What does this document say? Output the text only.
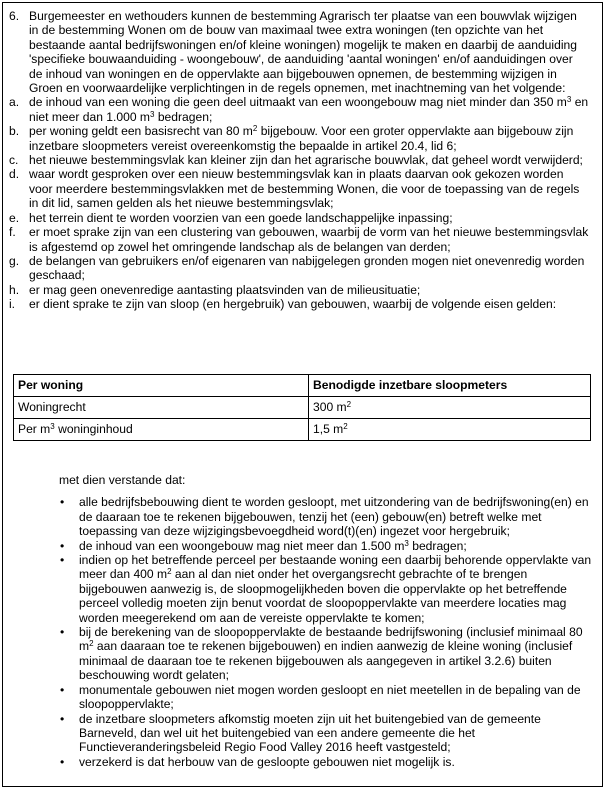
6. Burgemeester en wethouders kunnen de bestemming Agrarisch ter plaatse van een bouwvlak wijzigen in de bestemming Wonen om de bouw van maximaal twee extra woningen (ten opzichte van het bestaande aantal bedrijfswoningen en/of kleine woningen) mogelijk te maken en daarbij de aanduiding 'specifieke bouwaanduiding - woongebouw', de aanduiding 'aantal woningen' en/of aanduidingen over de inhoud van woningen en de oppervlakte aan bijgebouwen opnemen, de bestemming wijzigen in Groen en voorwaardelijke verplichtingen in de regels opnemen, met inachtneming van het volgende:
a. de inhoud van een woning die geen deel uitmaakt van een woongebouw mag niet minder dan 350 $m^3$ en niet meer dan 1.000 $m^3$ bedragen;
b. per woning geldt een basisrecht van 80 $m^2$ bijgebouw. Voor een groter oppervlakte aan bijgebouw zijn inzetbare sloopmeters vereist overeenkomstig the bepaalde in artikel 20.4, lid 6;
c. het nieuwe bestemmingsvlak kan kleiner zijn dan het agrarische bouwvlak, dat geheel wordt verwijderd;
d. waar wordt gesproken over een nieuw bestemmingsvlak kan in plaats daarvan ook gekozen worden voor meerdere bestemmingsvlakken met de bestemming Wonen, die voor de toepassing van de regels in dit lid, samen gelden als het nieuwe bestemmingsvlak;
e. het terrein dient te worden voorzien van een goede landschappelijke inpassing;
f. er moet sprake zijn van een clustering van gebouwen, waarbij de vorm van het nieuwe bestemmingsvlak is afgestemd op zowel het omringende landschap als de belangen van derden;
g. de belangen van gebruikers en/of eigenaren van nabijgelegen gronden mogen niet onevenredig worden geschaad;
h. er mag geen onevenredige aantasting plaatsvinden van de milieusituatie;
i. er dient sprake te zijn van sloop (en hergebruik) van gebouwen, waarbij de volgende eisen gelden:
Per woning	Benodigde inzetbare sloopmeters
Woningrecht	300 $m^2$
Per $m^3$ woninginhoud	1,5 $m^2$
met dien verstande dat:
• alle bedrijfsbebouwing dient te worden gesloopt, met uitzondering van de bedrijfswoning(en) en de daaraan toe te rekenen bijgebouwen, tenzij het (een) gebouw(en) betreft welke met toepassing van deze wijzigingsbevoegdheid word(t)(en) ingezet voor hergebruik;
• de inhoud van een woongebouw mag niet meer dan 1.500 $m^3$ bedragen;
• indien op het betreffende perceel per bestaande woning een daarbij behorende oppervlakte van meer dan 400 $m^2$ aan al dan niet onder het overgangsrecht gebrachte of te brengen bijgebouwen aanwezig is, de sloopmogelijkheden boven die oppervlakte op het betreffende perceel volledig moeten zijn benut voordat de sloopoppervlakte van meerdere locaties mag worden meegerekend om aan de vereiste oppervlakte te komen;
• bij de berekening van de sloopoppervlakte de bestaande bedrijfswoning (inclusief minimaal 80 $m^2$ aan daaraan toe te rekenen bijgebouwen) en indien aanwezig de kleine woning (inclusief minimaal de daaraan toe te rekenen bijgebouwen als aangegeven in artikel 3.2.6) buiten beschouwing wordt gelaten;
• monumentale gebouwen niet mogen worden gesloopt en niet meetellen in de bepaling van de sloopoppervlakte;
• de inzetbare sloopmeters afkomstig moeten zijn uit het buitengebied van de gemeente Barneveld, dan wel uit het buitengebied van een andere gemeente die het Functieveranderingsbeleid Regio Food Valley 2016 heeft vastgesteld;
• verzekerd is dat herbouw van de gesloopte gebouwen niet mogelijk is.
